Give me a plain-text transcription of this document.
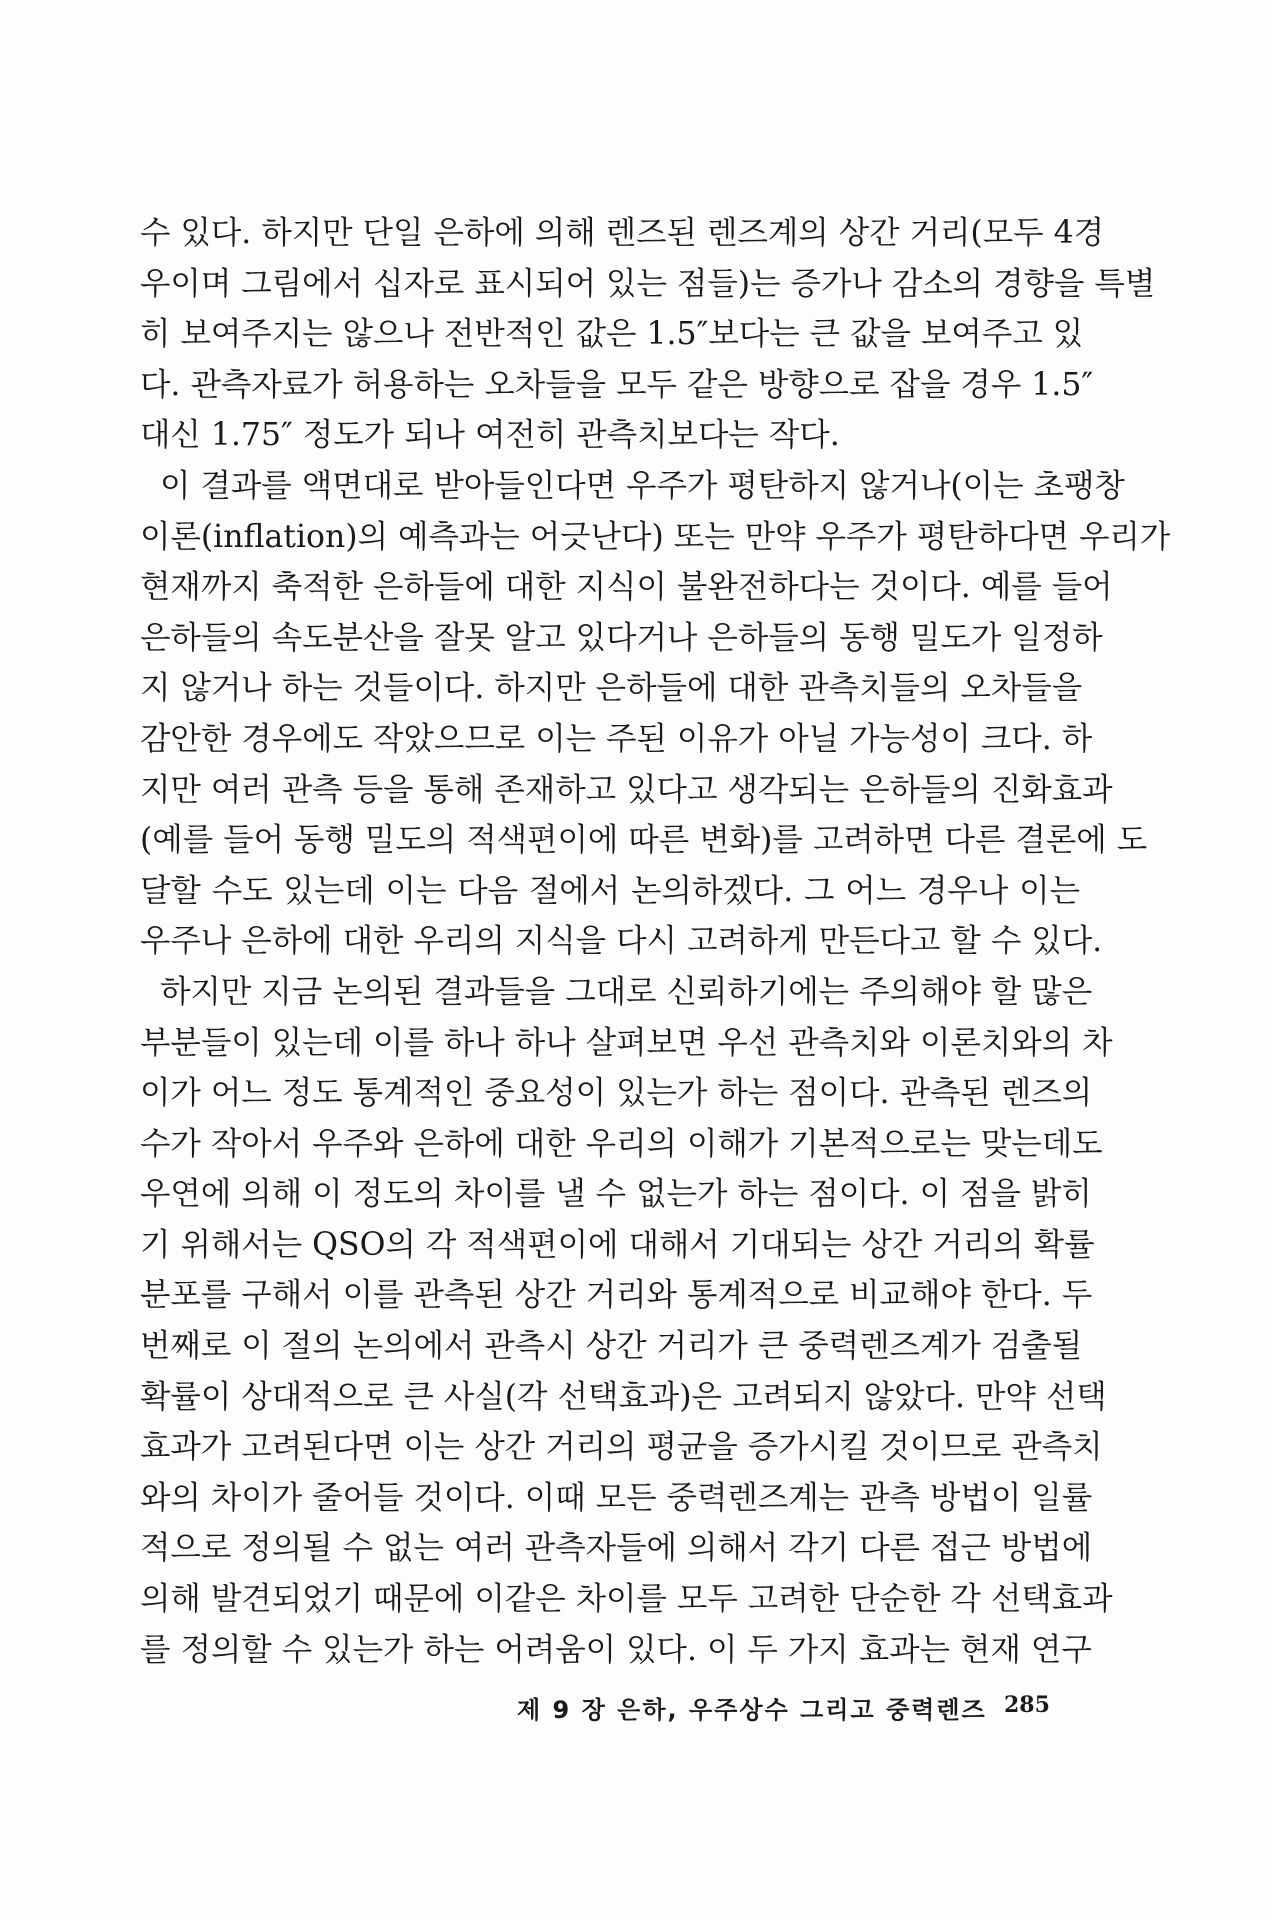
수 있다. 하지만 단일 은하에 의해 렌즈된 렌즈계의 상간 거리(모두 4경
우이며 그림에서 십자로 표시되어 있는 점들)는 증가나 감소의 경향을 특별
히 보여주지는 않으나 전반적인 값은 1.5″보다는 큰 값을 보여주고 있
다. 관측자료가 허용하는 오차들을 모두 같은 방향으로 잡을 경우 1.5″
대신 1.75″ 정도가 되나 여전히 관측치보다는 작다.
이 결과를 액면대로 받아들인다면 우주가 평탄하지 않거나(이는 초팽창
이론(inflation)의 예측과는 어긋난다) 또는 만약 우주가 평탄하다면 우리가
현재까지 축적한 은하들에 대한 지식이 불완전하다는 것이다. 예를 들어
은하들의 속도분산을 잘못 알고 있다거나 은하들의 동행 밀도가 일정하
지 않거나 하는 것들이다. 하지만 은하들에 대한 관측치들의 오차들을
감안한 경우에도 작았으므로 이는 주된 이유가 아닐 가능성이 크다. 하
지만 여러 관측 등을 통해 존재하고 있다고 생각되는 은하들의 진화효과
(예를 들어 동행 밀도의 적색편이에 따른 변화)를 고려하면 다른 결론에 도
달할 수도 있는데 이는 다음 절에서 논의하겠다. 그 어느 경우나 이는
우주나 은하에 대한 우리의 지식을 다시 고려하게 만든다고 할 수 있다.
하지만 지금 논의된 결과들을 그대로 신뢰하기에는 주의해야 할 많은
부분들이 있는데 이를 하나 하나 살펴보면 우선 관측치와 이론치와의 차
이가 어느 정도 통계적인 중요성이 있는가 하는 점이다. 관측된 렌즈의
수가 작아서 우주와 은하에 대한 우리의 이해가 기본적으로는 맞는데도
우연에 의해 이 정도의 차이를 낼 수 없는가 하는 점이다. 이 점을 밝히
기 위해서는 QSO의 각 적색편이에 대해서 기대되는 상간 거리의 확률
분포를 구해서 이를 관측된 상간 거리와 통계적으로 비교해야 한다. 두
번째로 이 절의 논의에서 관측시 상간 거리가 큰 중력렌즈계가 검출될
확률이 상대적으로 큰 사실(각 선택효과)은 고려되지 않았다. 만약 선택
효과가 고려된다면 이는 상간 거리의 평균을 증가시킬 것이므로 관측치
와의 차이가 줄어들 것이다. 이때 모든 중력렌즈계는 관측 방법이 일률
적으로 정의될 수 없는 여러 관측자들에 의해서 각기 다른 접근 방법에
의해 발견되었기 때문에 이같은 차이를 모두 고려한 단순한 각 선택효과
를 정의할 수 있는가 하는 어려움이 있다. 이 두 가지 효과는 현재 연구
제 9 장 은하, 우주상수 그리고 중력렌즈 285
